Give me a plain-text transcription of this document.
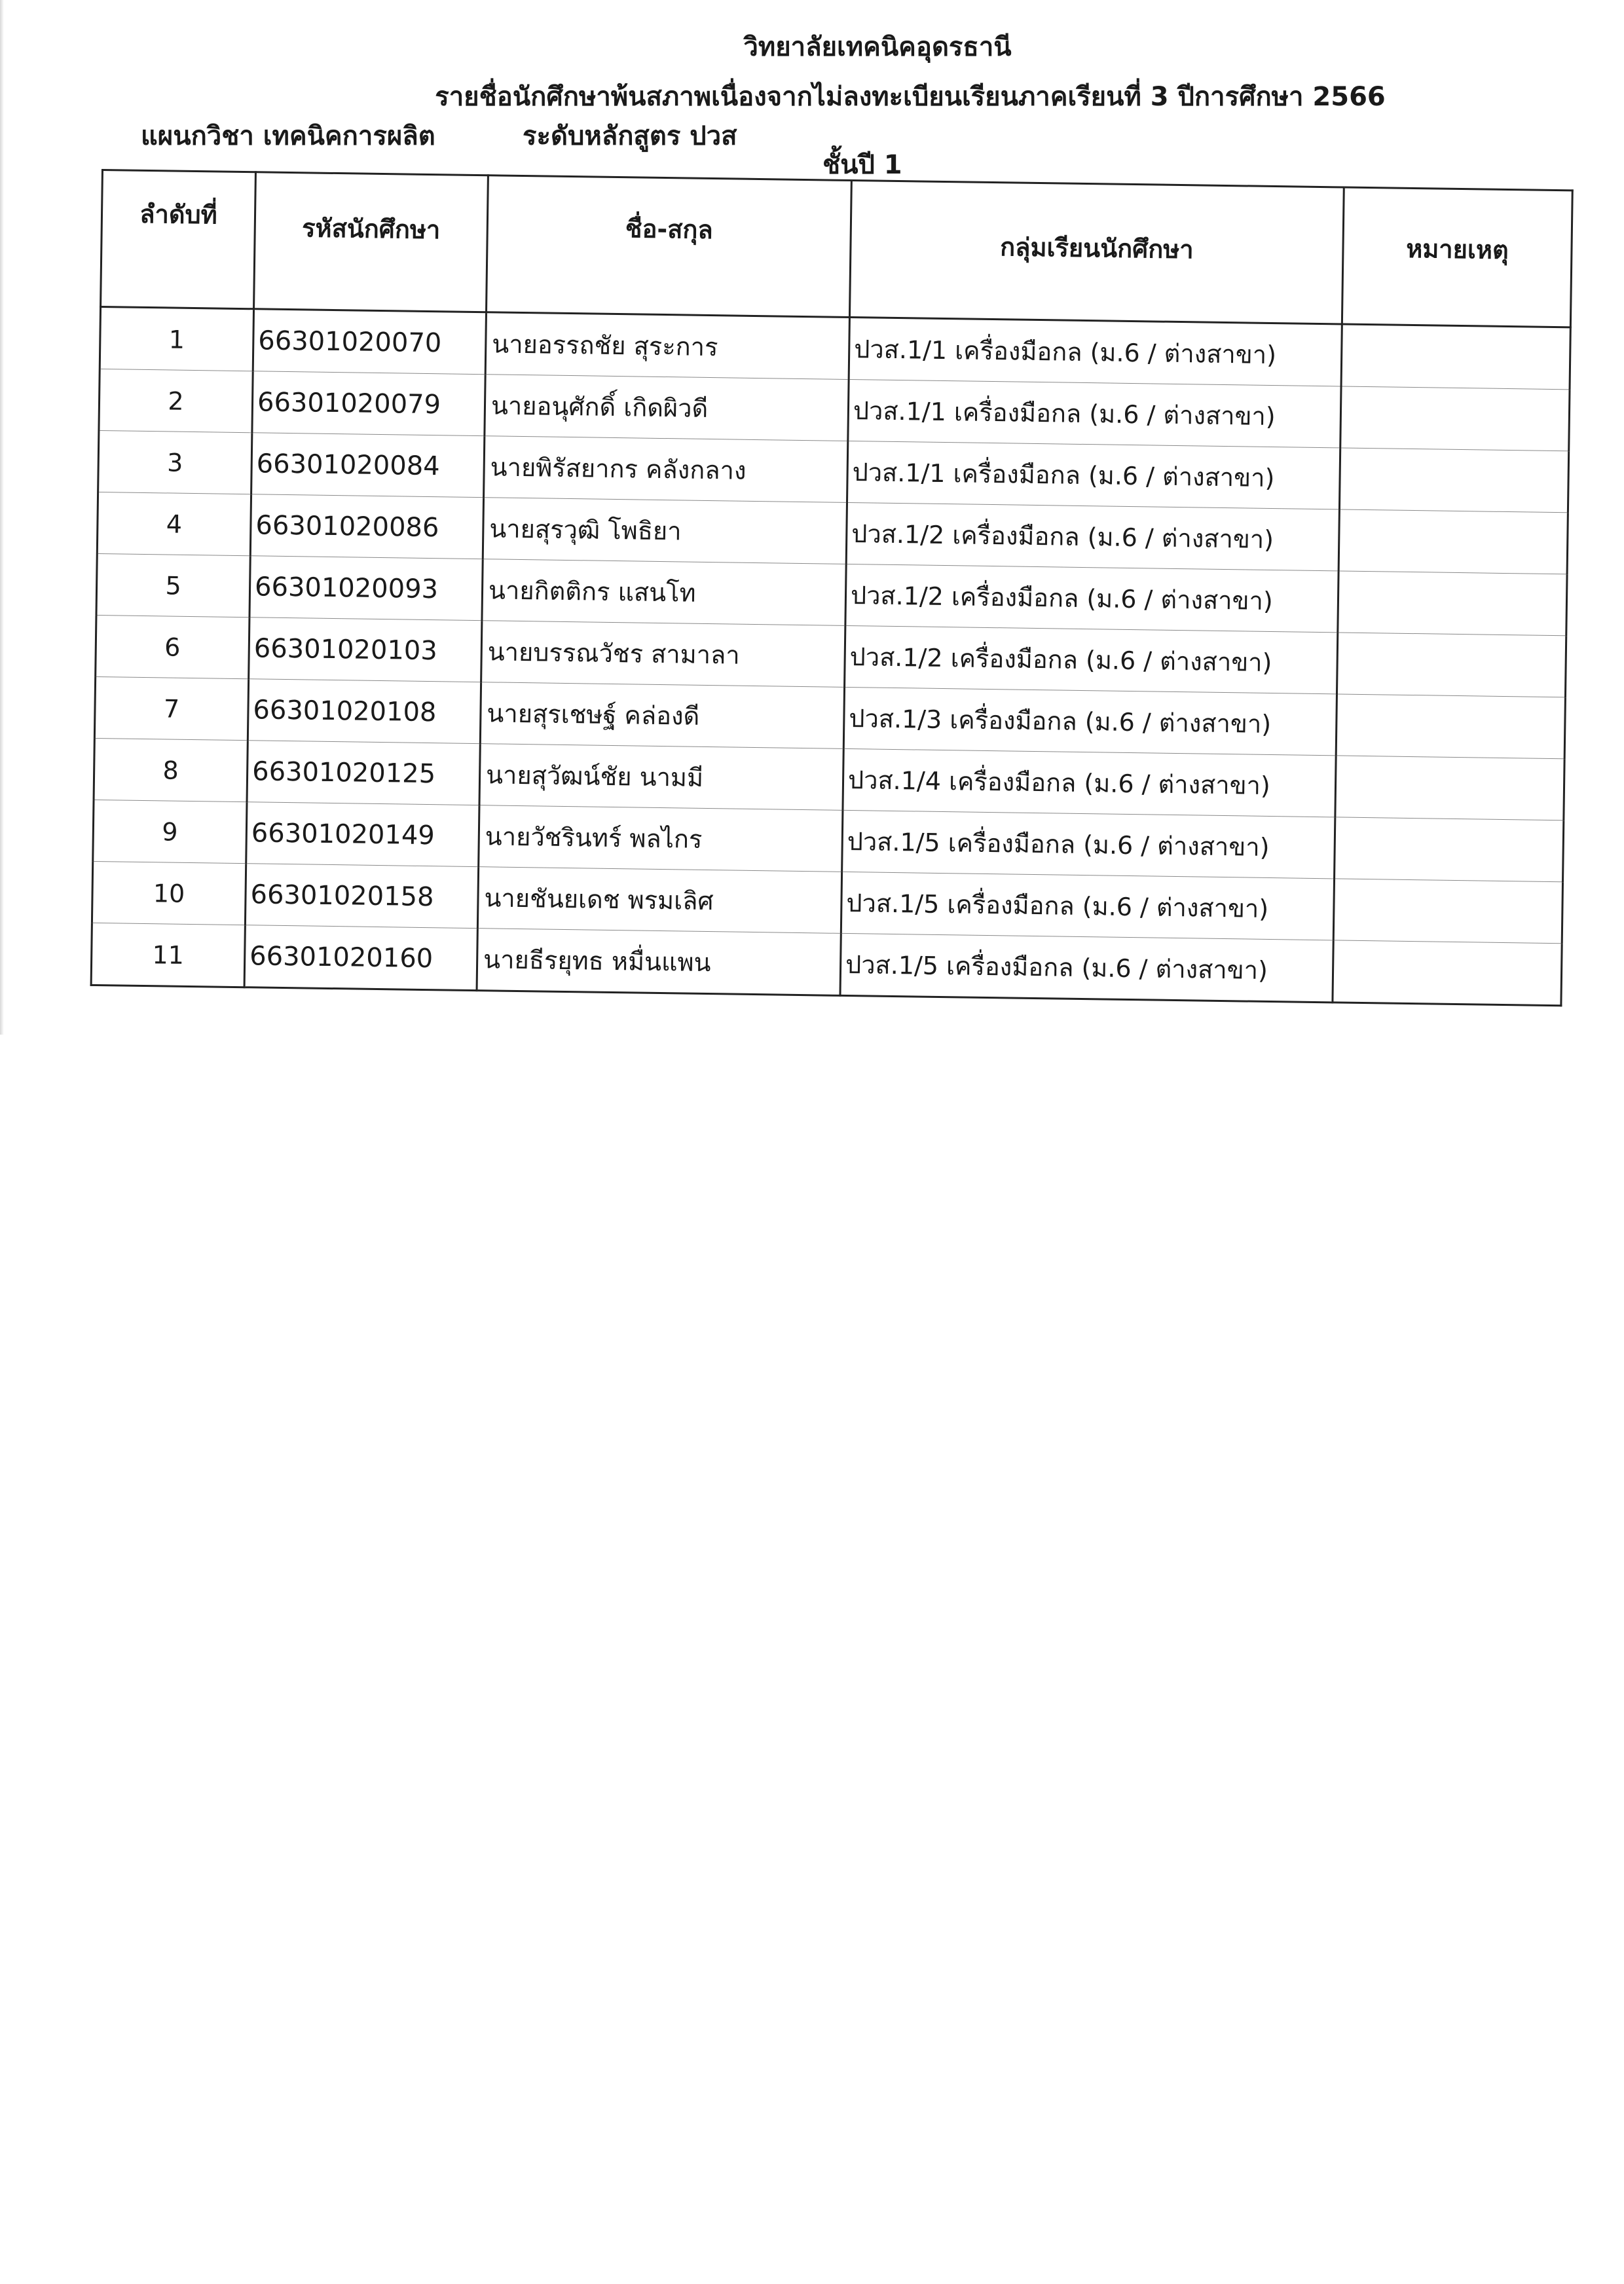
วิทยาลัยเทคนิคอุดรธานี
รายชื่อนักศึกษาพ้นสภาพเนื่องจากไม่ลงทะเบียนเรียนภาคเรียนที่ 3 ปีการศึกษา 2566
แผนกวิชา เทคนิคการผลิต	ระดับหลักสูตร ปวส
ชั้นปี 1
ลำดับที่	รหัสนักศึกษา	ชื่อ-สกุล	กลุ่มเรียนนักศึกษา	หมายเหตุ
1	66301020070	นายอรรถชัย สุระการ	ปวส.1/1 เครื่องมือกล (ม.6 / ต่างสาขา)	
2	66301020079	นายอนุศักดิ์ เกิดผิวดี	ปวส.1/1 เครื่องมือกล (ม.6 / ต่างสาขา)	
3	66301020084	นายพิรัสยากร คลังกลาง	ปวส.1/1 เครื่องมือกล (ม.6 / ต่างสาขา)	
4	66301020086	นายสุรวุฒิ โพธิยา	ปวส.1/2 เครื่องมือกล (ม.6 / ต่างสาขา)	
5	66301020093	นายกิตติกร แสนโท	ปวส.1/2 เครื่องมือกล (ม.6 / ต่างสาขา)	
6	66301020103	นายบรรณวัชร สามาลา	ปวส.1/2 เครื่องมือกล (ม.6 / ต่างสาขา)	
7	66301020108	นายสุรเชษฐ์ คล่องดี	ปวส.1/3 เครื่องมือกล (ม.6 / ต่างสาขา)	
8	66301020125	นายสุวัฒน์ชัย นามมี	ปวส.1/4 เครื่องมือกล (ม.6 / ต่างสาขา)	
9	66301020149	นายวัชรินทร์ พลไกร	ปวส.1/5 เครื่องมือกล (ม.6 / ต่างสาขา)	
10	66301020158	นายชันยเดช พรมเลิศ	ปวส.1/5 เครื่องมือกล (ม.6 / ต่างสาขา)	
11	66301020160	นายธีรยุทธ หมื่นแพน	ปวส.1/5 เครื่องมือกล (ม.6 / ต่างสาขา)	
